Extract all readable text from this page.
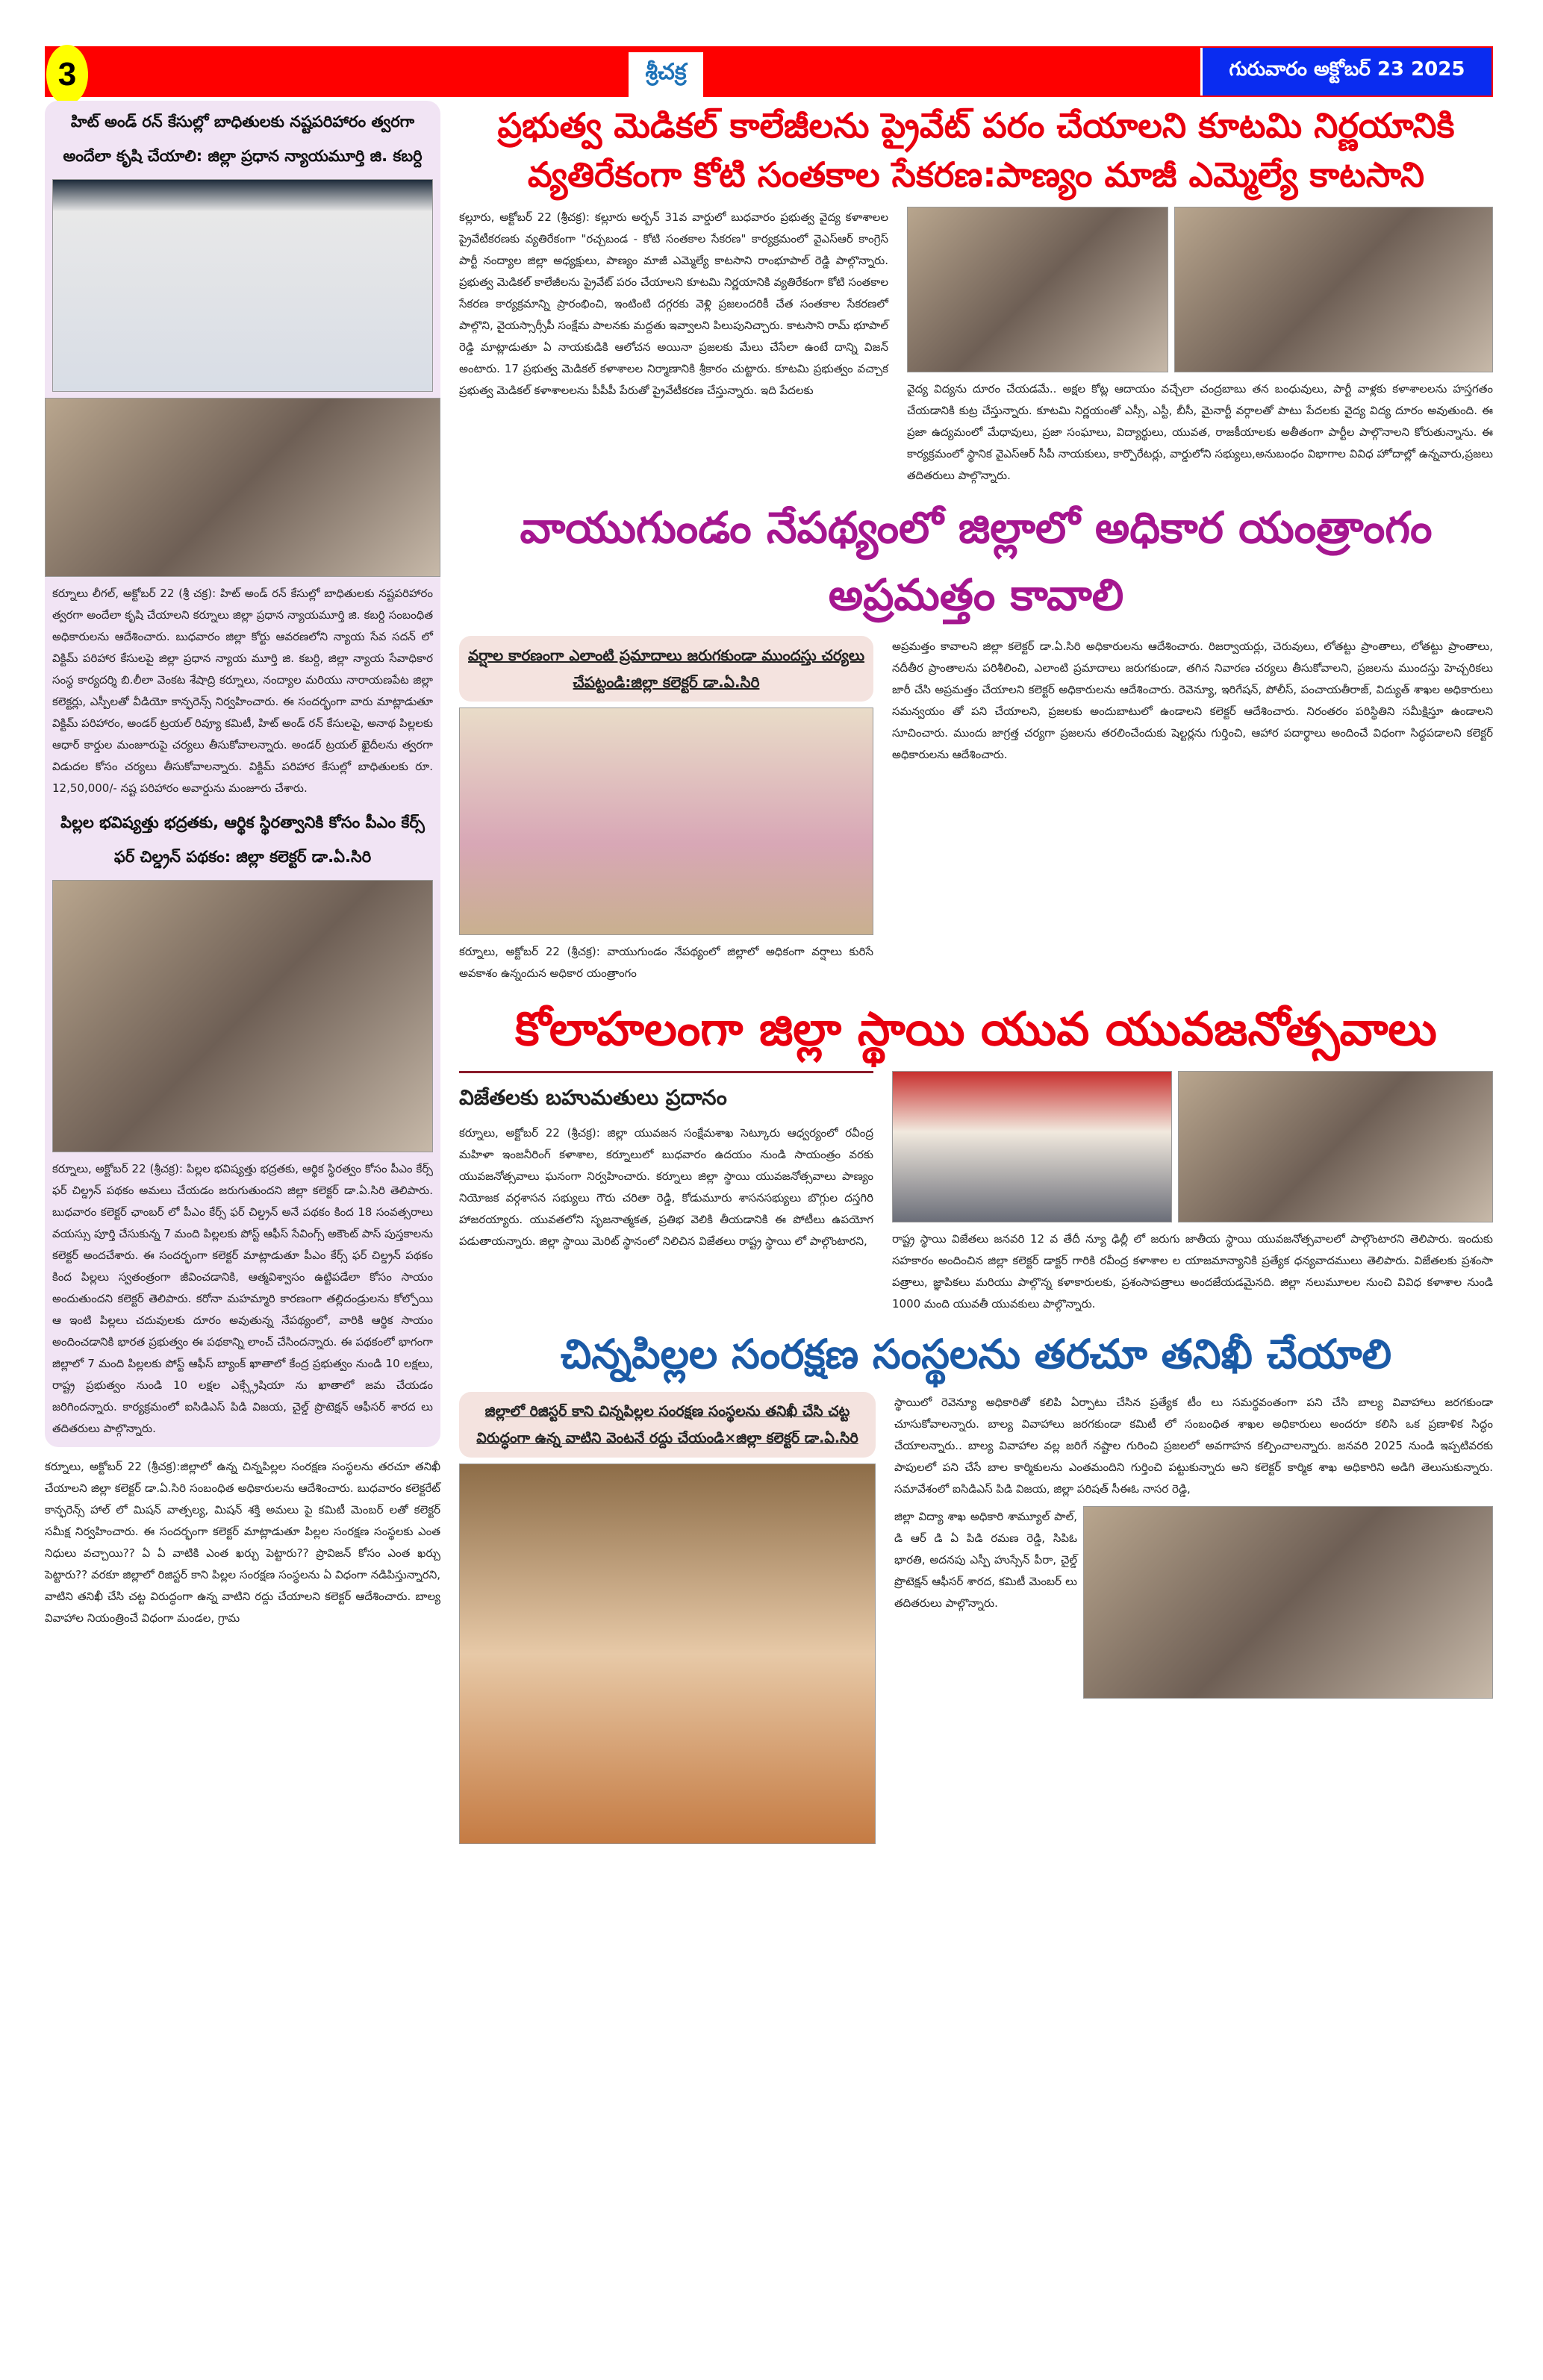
3	శ్రీచక్ర	గురువారం అక్టోబర్ 23 2025
హిట్ అండ్ రన్ కేసుల్లో బాధితులకు నష్టపరిహారం త్వరగా అందేలా కృషి చేయాలి: జిల్లా ప్రధాన న్యాయమూర్తి జి. కబర్ది
కర్నూలు లీగల్, అక్టోబర్ 22 (శ్రీ చక్ర): హిట్ అండ్ రన్ కేసుల్లో బాధితులకు నష్టపరిహారం త్వరగా అందేలా కృషి చేయాలని కర్నూలు జిల్లా ప్రధాన న్యాయమూర్తి జి. కబర్ది సంబంధిత అధికారులను ఆదేశించారు. బుధవారం జిల్లా కోర్టు ఆవరణలోని న్యాయ సేవ సదన్ లో విక్టిమ్ పరిహార కేసులపై జిల్లా ప్రధాన న్యాయ మూర్తి జి. కబర్ది, జిల్లా న్యాయ సేవాధికార సంస్థ కార్యదర్శి బి.లీలా వెంకట శేషాద్రి కర్నూలు, నంద్యాల మరియు నారాయణపేట జిల్లా కలెక్టర్లు, ఎస్పీలతో వీడియో కాన్ఫరెన్స్ నిర్వహించారు. ఈ సందర్భంగా వారు మాట్లాడుతూ విక్టిమ్ పరిహారం, అండర్ ట్రయల్ రివ్యూ కమిటీ, హిట్ అండ్ రన్ కేసులపై, అనాథ పిల్లలకు ఆధార్ కార్డుల మంజూరుపై చర్యలు తీసుకోవాలన్నారు. అండర్ ట్రయల్ ఖైదీలను త్వరగా విడుదల కోసం చర్యలు తీసుకోవాలన్నారు. విక్టిమ్ పరిహార కేసుల్లో బాధితులకు రూ. 12,50,000/- నష్ట పరిహారం అవార్డును మంజూరు చేశారు.
పిల్లల భవిష్యత్తు భద్రతకు, ఆర్థిక స్థిరత్వానికి కోసం పీఎం కేర్స్ ఫర్ చిల్డ్రన్ పథకం: జిల్లా కలెక్టర్ డా.ఏ.సిరి
కర్నూలు, అక్టోబర్ 22 (శ్రీచక్ర): పిల్లల భవిష్యత్తు భద్రతకు, ఆర్థిక స్థిరత్వం కోసం పీఎం కేర్స్ ఫర్ చిల్డ్రన్ పథకం అమలు చేయడం జరుగుతుందని జిల్లా కలెక్టర్ డా.ఏ.సిరి తెలిపారు. బుధవారం కలెక్టర్ ఛాంబర్ లో పీఎం కేర్స్ ఫర్ చిల్డ్రన్ అనే పథకం కింద 18 సంవత్సరాలు వయస్సు పూర్తి చేసుకున్న 7 మంది పిల్లలకు పోస్ట్ ఆఫీస్ సేవింగ్స్ అకౌంట్ పాస్ పుస్తకాలను కలెక్టర్ అందచేశారు. ఈ సందర్భంగా కలెక్టర్ మాట్లాడుతూ పీఎం కేర్స్ ఫర్ చిల్డ్రన్ పథకం కింద పిల్లలు స్వతంత్రంగా జీవించడానికి, ఆత్మవిశ్వాసం ఉట్టిపడేలా కోసం సాయం అందుతుందని కలెక్టర్ తెలిపారు. కరోనా మహమ్మారి కారణంగా తల్లిదండ్రులను కోల్పోయి ఆ ఇంటి పిల్లలు చదువులకు దూరం అవుతున్న నేపథ్యంలో, వారికి ఆర్థిక సాయం అందించడానికి భారత ప్రభుత్వం ఈ పథకాన్ని లాంచ్ చేసిందన్నారు. ఈ పథకంలో భాగంగా జిల్లాలో 7 మంది పిల్లలకు పోస్ట్ ఆఫీస్ బ్యాంక్ ఖాతాలో కేంద్ర ప్రభుత్వం నుండి 10 లక్షలు, రాష్ట్ర ప్రభుత్వం నుండి 10 లక్షల ఎక్స్గ్రేషియా ను ఖాతాలో జమ చేయడం జరిగిందన్నారు. కార్యక్రమంలో ఐసిడిఎస్ పిడి విజయ, చైల్డ్ ప్రొటెక్షన్ ఆఫీసర్ శారద లు తదితరులు పాల్గొన్నారు.
కర్నూలు, అక్టోబర్ 22 (శ్రీచక్ర):జిల్లాలో ఉన్న చిన్నపిల్లల సంరక్షణ సంస్థలను తరచూ తనిఖీ చేయాలని జిల్లా కలెక్టర్ డా.ఏ.సిరి సంబంధిత అధికారులను ఆదేశించారు. బుధవారం కలెక్టరేట్ కాన్ఫరెన్స్ హాల్ లో మిషన్ వాత్సల్య, మిషన్ శక్తి అమలు పై కమిటీ మెంబర్ లతో కలెక్టర్ సమీక్ష నిర్వహించారు. ఈ సందర్భంగా కలెక్టర్ మాట్లాడుతూ పిల్లల సంరక్షణ సంస్థలకు ఎంత నిధులు వచ్చాయి?? ఏ ఏ వాటికి ఎంత ఖర్చు పెట్టారు?? ప్రొవిజన్ కోసం ఎంత ఖర్చు పెట్టారు?? వరకూ జిల్లాలో రిజిస్టర్ కాని పిల్లల సంరక్షణ సంస్థలను ఏ విధంగా నడిపిస్తున్నారని, వాటిని తనిఖీ చేసి చట్ట విరుద్ధంగా ఉన్న వాటిని రద్దు చేయాలని కలెక్టర్ ఆదేశించారు. బాల్య వివాహాల నియంత్రించే విధంగా మండల, గ్రామ
ప్రభుత్వ మెడికల్ కాలేజీలను ప్రైవేట్ పరం చేయాలని కూటమి నిర్ణయానికి వ్యతిరేకంగా కోటి సంతకాల సేకరణ:పాణ్యం మాజీ ఎమ్మెల్యే కాటసాని
కల్లూరు, అక్టోబర్ 22 (శ్రీచక్ర): కల్లూరు అర్బన్ 31వ వార్డులో బుధవారం ప్రభుత్వ వైద్య కళాశాలల ప్రైవేటీకరణకు వ్యతిరేకంగా "రచ్చబండ - కోటి సంతకాల సేకరణ" కార్యక్రమంలో వైఎస్ఆర్ కాంగ్రెస్ పార్టీ నంద్యాల జిల్లా అధ్యక్షులు, పాణ్యం మాజీ ఎమ్మెల్యే కాటసాని రాంభూపాల్ రెడ్డి పాల్గొన్నారు. ప్రభుత్వ మెడికల్ కాలేజీలను ప్రైవేట్ పరం చేయాలని కూటమి నిర్ణయానికి వ్యతిరేకంగా కోటి సంతకాల సేకరణ కార్యక్రమాన్ని ప్రారంభించి, ఇంటింటి దగ్గరకు వెళ్లి ప్రజలందరికీ చేత సంతకాల సేకరణలో పాల్గొని, వైయస్సార్సీపీ సంక్షేమ పాలనకు మద్దతు ఇవ్వాలని పిలుపునిచ్చారు. కాటసాని రామ్ భూపాల్ రెడ్డి మాట్లాడుతూ ఏ నాయకుడికి ఆలోచన అయినా ప్రజలకు మేలు చేసేలా ఉంటే దాన్ని విజన్ అంటారు. 17 ప్రభుత్వ మెడికల్ కళాశాలల నిర్మాణానికి శ్రీకారం చుట్టారు. కూటమి ప్రభుత్వం వచ్చాక ప్రభుత్వ మెడికల్ కళాశాలలను పీపీపీ పేరుతో ప్రైవేటీకరణ చేస్తున్నారు. ఇది పేదలకు	వైద్య విద్యను దూరం చేయడమే.. అక్షల కోట్ల ఆదాయం వచ్చేలా చంద్రబాబు తన బంధువులు, పార్టీ వాళ్లకు కళాశాలలను హస్తగతం చేయడానికి కుట్ర చేస్తున్నారు. కూటమి నిర్ణయంతో ఎస్సీ, ఎస్టీ, బీసీ, మైనార్టీ వర్గాలతో పాటు పేదలకు వైద్య విద్య దూరం అవుతుంది. ఈ ప్రజా ఉద్యమంలో మేధావులు, ప్రజా సంఘాలు, విద్యార్థులు, యువత, రాజకీయాలకు అతీతంగా పార్టీల పాల్గొనాలని కోరుతున్నాను. ఈ కార్యక్రమంలో స్థానిక వైఎస్ఆర్ సీపీ నాయకులు, కార్పొరేటర్లు, వార్డులోని సభ్యులు,అనుబంధం విభాగాల వివిధ హోదాల్లో ఉన్నవారు,ప్రజలు తదితరులు పాల్గొన్నారు.
వాయుగుండం నేపథ్యంలో జిల్లాలో అధికార యంత్రాంగం అప్రమత్తం కావాలి
వర్షాల కారణంగా ఎలాంటి ప్రమాదాలు జరుగకుండా ముందస్తు చర్యలు చేపట్టండి:జిల్లా కలెక్టర్ డా.ఏ.సిరి
కర్నూలు, అక్టోబర్ 22 (శ్రీచక్ర): వాయుగుండం నేపథ్యంలో జిల్లాలో అధికంగా వర్షాలు కురిసే అవకాశం ఉన్నందున అధికార యంత్రాంగం
అప్రమత్తం కావాలని జిల్లా కలెక్టర్ డా.ఏ.సిరి అధికారులను ఆదేశించారు. రిజర్వాయర్లు, చెరువులు, లోతట్టు ప్రాంతాలు, లోతట్టు ప్రాంతాలు, నదీతీర ప్రాంతాలను పరిశీలించి, ఎలాంటి ప్రమాదాలు జరుగకుండా, తగిన నివారణ చర్యలు తీసుకోవాలని, ప్రజలను ముందస్తు హెచ్చరికలు జారీ చేసి అప్రమత్తం చేయాలని కలెక్టర్ అధికారులను ఆదేశించారు. రెవెన్యూ, ఇరిగేషన్, పోలీస్, పంచాయతీరాజ్, విద్యుత్ శాఖల అధికారులు సమన్వయం తో పని చేయాలని, ప్రజలకు అందుబాటులో ఉండాలని కలెక్టర్ ఆదేశించారు. నిరంతరం పరిస్థితిని సమీక్షిస్తూ ఉండాలని సూచించారు. ముందు జాగ్రత్త చర్యగా ప్రజలను తరలించేందుకు షెల్టర్లను గుర్తించి, ఆహార పదార్థాలు అందించే విధంగా సిద్ధపడాలని కలెక్టర్ అధికారులను ఆదేశించారు.
కోలాహలంగా జిల్లా స్థాయి యువ యువజనోత్సవాలు
విజేతలకు బహుమతులు ప్రదానం
కర్నూలు, అక్టోబర్ 22 (శ్రీచక్ర): జిల్లా యువజన సంక్షేమశాఖ సెట్కూరు ఆధ్వర్యంలో రవీంద్ర మహిళా ఇంజనీరింగ్ కళాశాల, కర్నూలులో బుధవారం ఉదయం నుండి సాయంత్రం వరకు యువజనోత్సవాలు ఘనంగా నిర్వహించారు. కర్నూలు జిల్లా స్థాయి యువజనోత్సవాలు పాణ్యం నియోజక వర్గశాసన సభ్యులు గౌరు చరితా రెడ్డి, కోడుమూరు శాసనసభ్యులు బొగ్గుల దస్తగిరి హాజరయ్యారు. యువతలోని సృజనాత్మకత, ప్రతిభ వెలికి తీయడానికి ఈ పోటీలు ఉపయోగ పడుతాయన్నారు. జిల్లా స్థాయి మెరిట్ స్థానంలో నిలిచిన విజేతలు రాష్ట్ర స్థాయి లో పాల్గొంటారని,	రాష్ట్ర స్థాయి విజేతలు జనవరి 12 వ తేదీ న్యూ ఢిల్లీ లో జరుగు జాతీయ స్థాయి యువజనోత్సవాలలో పాల్గొంటారని తెలిపారు. ఇందుకు సహకారం అందించిన జిల్లా కలెక్టర్ డాక్టర్ గారికి రవీంద్ర కళాశాల ల యాజమాన్యానికి ప్రత్యేక ధన్యవాదములు తెలిపారు. విజేతలకు ప్రశంసా పత్రాలు, జ్ఞాపికలు మరియు పాల్గొన్న కళాకారులకు, ప్రశంసాపత్రాలు అందజేయడమైనది. జిల్లా నలుమూలల నుంచి వివిధ కళాశాల నుండి 1000 మంది యువతీ యువకులు పాల్గొన్నారు.
చిన్నపిల్లల సంరక్షణ సంస్థలను తరచూ తనిఖీ చేయాలి
జిల్లాలో రిజిస్టర్ కాని చిన్నపిల్లల సంరక్షణ సంస్థలను తనిఖీ చేసి చట్ట విరుద్ధంగా ఉన్న వాటిని వెంటనే రద్దు చేయండి×జిల్లా కలెక్టర్ డా.ఏ.సిరి
స్థాయిలో రెవెన్యూ అధికారితో కలిపి ఏర్పాటు చేసిన ప్రత్యేక టీం లు సమర్థవంతంగా పని చేసి బాల్య వివాహాలు జరగకుండా చూసుకోవాలన్నారు. బాల్య వివాహాలు జరగకుండా కమిటీ లో సంబంధిత శాఖల అధికారులు అందరూ కలిసి ఒక ప్రణాళిక సిద్ధం చేయాలన్నారు.. బాల్య వివాహాల వల్ల జరిగే నష్టాల గురించి ప్రజలలో అవగాహన కల్పించాలన్నారు. జనవరి 2025 నుండి ఇప్పటివరకు పాపులలో పని చేసే బాల కార్మికులను ఎంతమందిని గుర్తించి పట్టుకున్నారు అని కలెక్టర్ కార్మిక శాఖ అధికారిని అడిగి తెలుసుకున్నారు. సమావేశంలో ఐసిడిఎస్ పిడి విజయ, జిల్లా పరిషత్ సీఈఓ నాసర రెడ్డి,
జిల్లా విద్యా శాఖ అధికారి శామ్యూల్ పాల్, డి ఆర్ డి ఏ పిడి రమణ రెడ్డి, సిపిఓ భారతి, అదనపు ఎస్పీ హుస్సేన్ పీరా, చైల్డ్ ప్రొటెక్షన్ ఆఫీసర్ శారద, కమిటీ మెంబర్ లు తదితరులు పాల్గొన్నారు.
